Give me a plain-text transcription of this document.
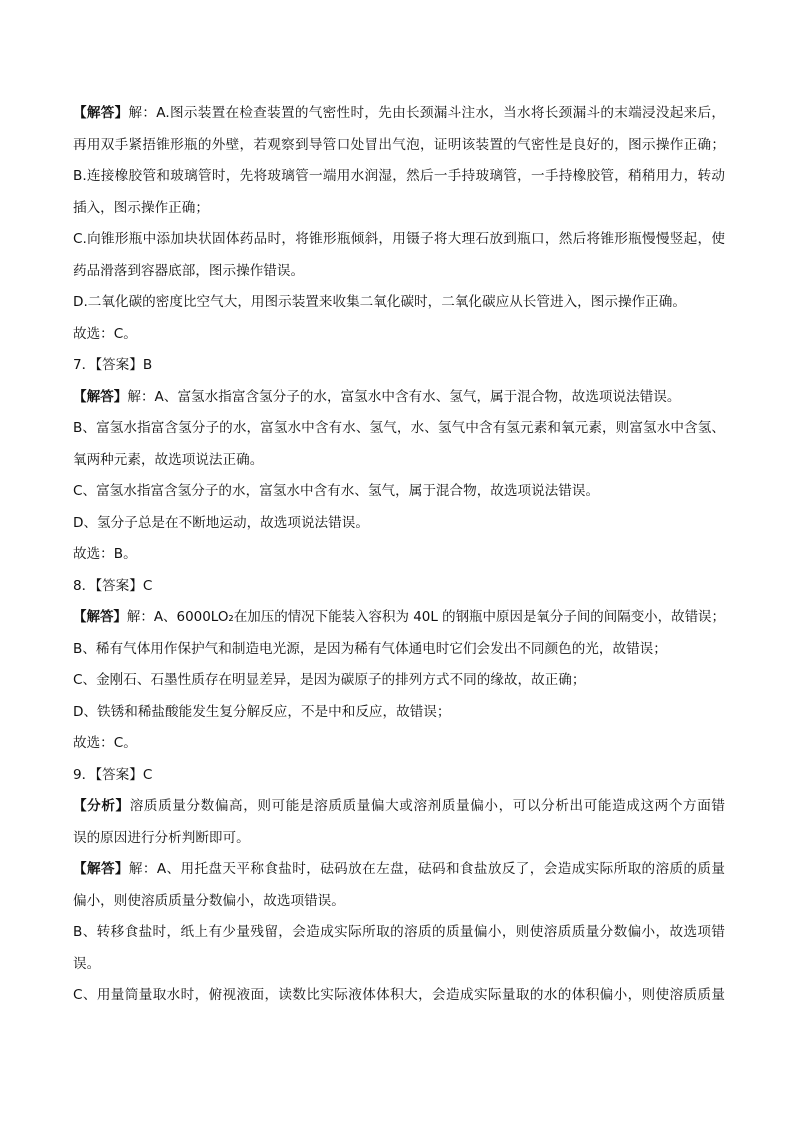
【解答】解：A.图示装置在检查装置的气密性时，先由长颈漏斗注水，当水将长颈漏斗的末端浸没起来后，
再用双手紧捂锥形瓶的外壁，若观察到导管口处冒出气泡，证明该装置的气密性是良好的，图示操作正确；
B.连接橡胶管和玻璃管时，先将玻璃管一端用水润湿，然后一手持玻璃管，一手持橡胶管，稍稍用力，转动
插入，图示操作正确；
C.向锥形瓶中添加块状固体药品时，将锥形瓶倾斜，用镊子将大理石放到瓶口，然后将锥形瓶慢慢竖起，使
药品滑落到容器底部，图示操作错误。
D.二氧化碳的密度比空气大，用图示装置来收集二氧化碳时，二氧化碳应从长管进入，图示操作正确。
故选：C。
7．【答案】B
【解答】解：A、富氢水指富含氢分子的水，富氢水中含有水、氢气，属于混合物，故选项说法错误。
B、富氢水指富含氢分子的水，富氢水中含有水、氢气，水、氢气中含有氢元素和氧元素，则富氢水中含氢、
氧两种元素，故选项说法正确。
C、富氢水指富含氢分子的水，富氢水中含有水、氢气，属于混合物，故选项说法错误。
D、氢分子总是在不断地运动，故选项说法错误。
故选：B。
8．【答案】C
【解答】解：A、6000LO₂在加压的情况下能装入容积为 40L 的钢瓶中原因是氧分子间的间隔变小，故错误；
B、稀有气体用作保护气和制造电光源，是因为稀有气体通电时它们会发出不同颜色的光，故错误；
C、金刚石、石墨性质存在明显差异，是因为碳原子的排列方式不同的缘故，故正确；
D、铁锈和稀盐酸能发生复分解反应，不是中和反应，故错误；
故选：C。
9．【答案】C
【分析】溶质质量分数偏高，则可能是溶质质量偏大或溶剂质量偏小，可以分析出可能造成这两个方面错
误的原因进行分析判断即可。
【解答】解：A、用托盘天平称食盐时，砝码放在左盘，砝码和食盐放反了，会造成实际所取的溶质的质量
偏小，则使溶质质量分数偏小，故选项错误。
B、转移食盐时，纸上有少量残留，会造成实际所取的溶质的质量偏小，则使溶质质量分数偏小，故选项错
误。
C、用量筒量取水时，俯视液面，读数比实际液体体积大，会造成实际量取的水的体积偏小，则使溶质质量
